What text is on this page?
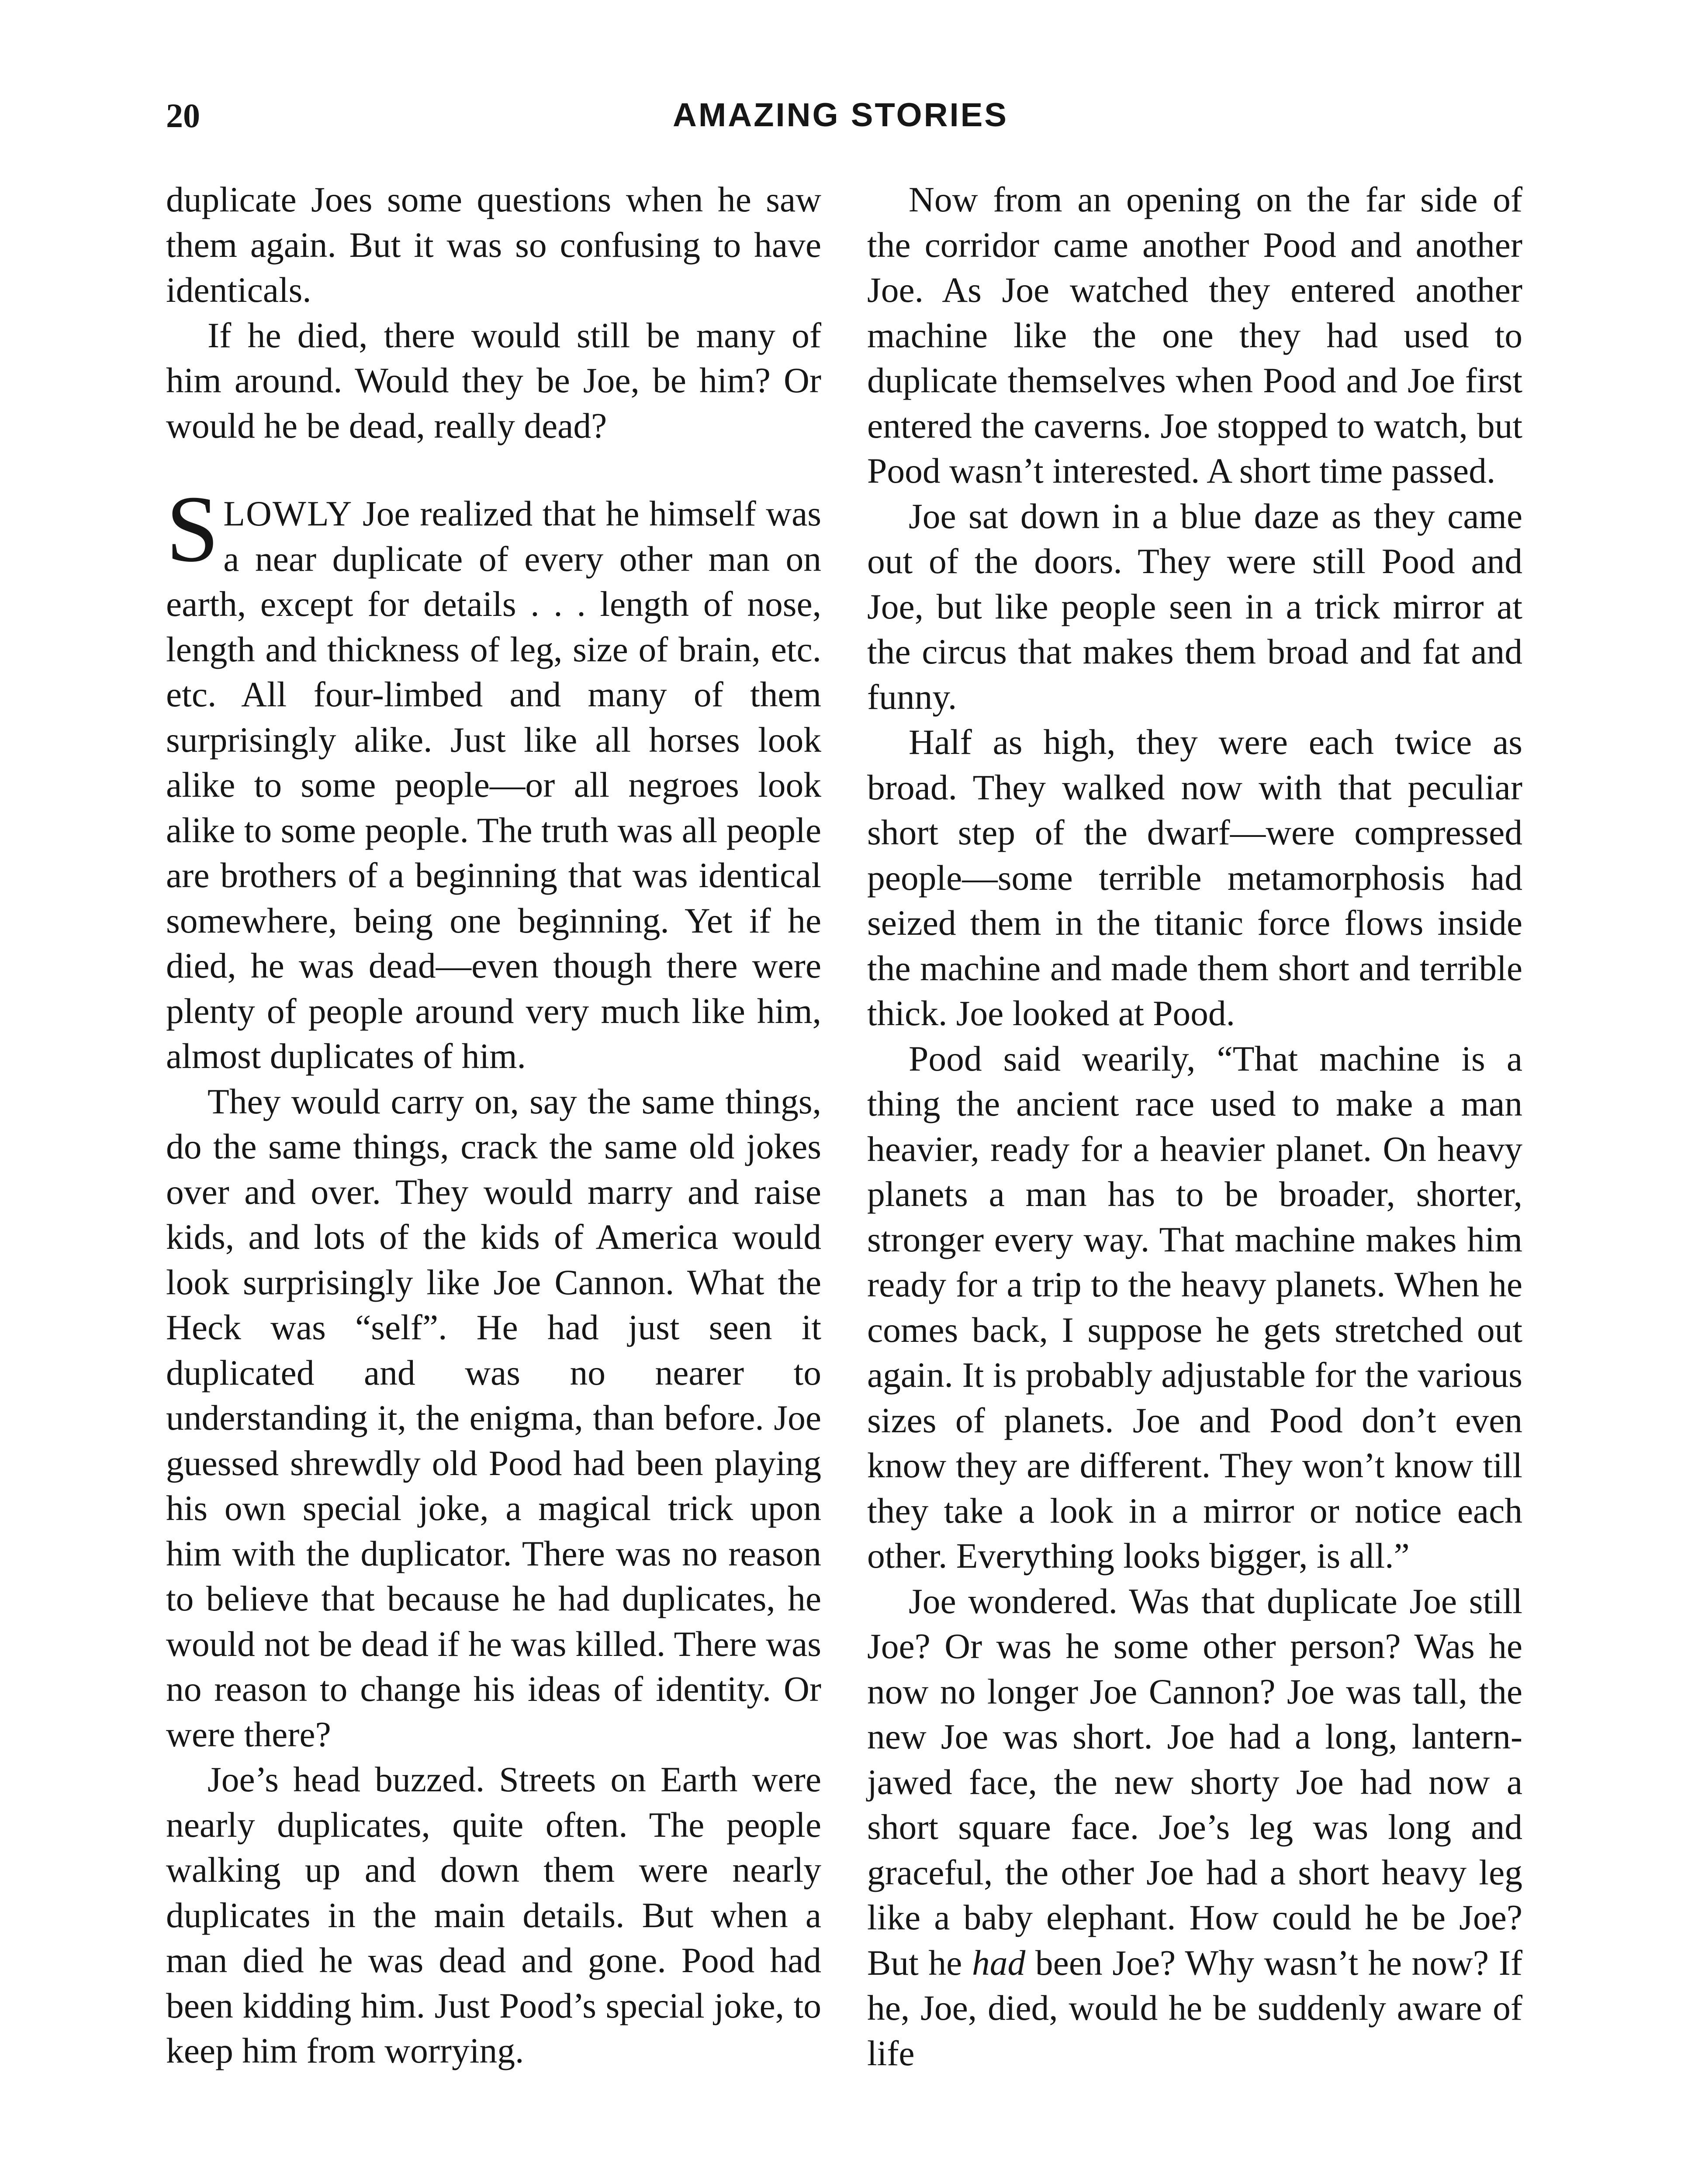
20	AMAZING STORIES

duplicate Joes some questions when he saw them again. But it was so confusing to have identicals.

If he died, there would still be many of him around. Would they be Joe, be him? Or would he be dead, really dead?

SLOWLY Joe realized that he himself was a near duplicate of every other man on earth, except for details . . . length of nose, length and thickness of leg, size of brain, etc. etc. All four-limbed and many of them surprisingly alike. Just like all horses look alike to some people—or all negroes look alike to some people. The truth was all people are brothers of a beginning that was identical somewhere, being one beginning. Yet if he died, he was dead—even though there were plenty of people around very much like him, almost duplicates of him.

They would carry on, say the same things, do the same things, crack the same old jokes over and over. They would marry and raise kids, and lots of the kids of America would look surprisingly like Joe Cannon. What the Heck was “self”. He had just seen it duplicated and was no nearer to understanding it, the enigma, than before. Joe guessed shrewdly old Pood had been playing his own special joke, a magical trick upon him with the duplicator. There was no reason to believe that because he had duplicates, he would not be dead if he was killed. There was no reason to change his ideas of identity. Or were there?

Joe’s head buzzed. Streets on Earth were nearly duplicates, quite often. The people walking up and down them were nearly duplicates in the main details. But when a man died he was dead and gone. Pood had been kidding him. Just Pood’s special joke, to keep him from worrying.

Now from an opening on the far side of the corridor came another Pood and another Joe. As Joe watched they entered another machine like the one they had used to duplicate themselves when Pood and Joe first entered the caverns. Joe stopped to watch, but Pood wasn’t interested. A short time passed.

Joe sat down in a blue daze as they came out of the doors. They were still Pood and Joe, but like people seen in a trick mirror at the circus that makes them broad and fat and funny.

Half as high, they were each twice as broad. They walked now with that peculiar short step of the dwarf—were compressed people—some terrible metamorphosis had seized them in the titanic force flows inside the machine and made them short and terrible thick. Joe looked at Pood.

Pood said wearily, “That machine is a thing the ancient race used to make a man heavier, ready for a heavier planet. On heavy planets a man has to be broader, shorter, stronger every way. That machine makes him ready for a trip to the heavy planets. When he comes back, I suppose he gets stretched out again. It is probably adjustable for the various sizes of planets. Joe and Pood don’t even know they are different. They won’t know till they take a look in a mirror or notice each other. Everything looks bigger, is all.”

Joe wondered. Was that duplicate Joe still Joe? Or was he some other person? Was he now no longer Joe Cannon? Joe was tall, the new Joe was short. Joe had a long, lantern-jawed face, the new shorty Joe had now a short square face. Joe’s leg was long and graceful, the other Joe had a short heavy leg like a baby elephant. How could he be Joe? But he had been Joe? Why wasn’t he now? If he, Joe, died, would he be suddenly aware of life
